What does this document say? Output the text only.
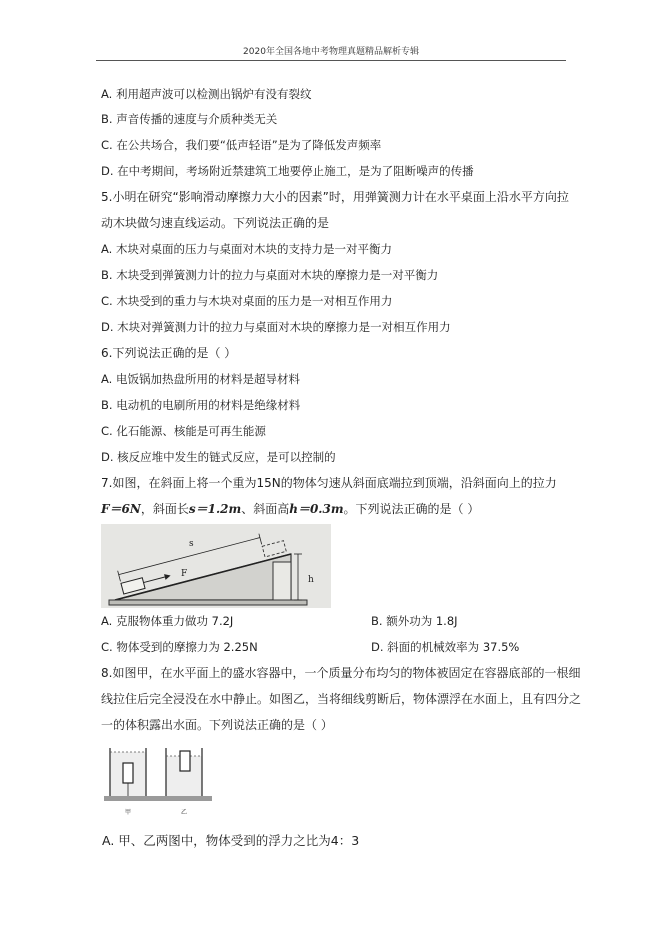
2020年全国各地中考物理真题精品解析专辑
A. 利用超声波可以检测出锅炉有没有裂纹
B. 声音传播的速度与介质种类无关
C. 在公共场合，我们要“低声轻语”是为了降低发声频率
D. 在中考期间，考场附近禁建筑工地要停止施工，是为了阻断噪声的传播
5.小明在研究“影响滑动摩擦力大小的因素”时，用弹簧测力计在水平桌面上沿水平方向拉
动木块做匀速直线运动。下列说法正确的是
A. 木块对桌面的压力与桌面对木块的支持力是一对平衡力
B. 木块受到弹簧测力计的拉力与桌面对木块的摩擦力是一对平衡力
C. 木块受到的重力与木块对桌面的压力是一对相互作用力
D. 木块对弹簧测力计的拉力与桌面对木块的摩擦力是一对相互作用力
6.下列说法正确的是（ ）
A. 电饭锅加热盘所用的材料是超导材料
B. 电动机的电刷所用的材料是绝缘材料
C. 化石能源、核能是可再生能源
D. 核反应堆中发生的链式反应，是可以控制的
7.如图，在斜面上将一个重为15N的物体匀速从斜面底端拉到顶端，沿斜面向上的拉力
F＝6N，斜面长s＝1.2m、斜面高h＝0.3m。下列说法正确的是（ ）
h
s
F
A. 克服物体重力做功 7.2J	B. 额外功为 1.8J
C. 物体受到的摩擦力为 2.25N	D. 斜面的机械效率为 37.5%
8.如图甲，在水平面上的盛水容器中，一个质量分布均匀的物体被固定在容器底部的一根细
线拉住后完全浸没在水中静止。如图乙，当将细线剪断后，物体漂浮在水面上，且有四分之
一的体积露出水面。下列说法正确的是（ ）
甲	乙
A. 甲、乙两图中，物体受到的浮力之比为4：3
